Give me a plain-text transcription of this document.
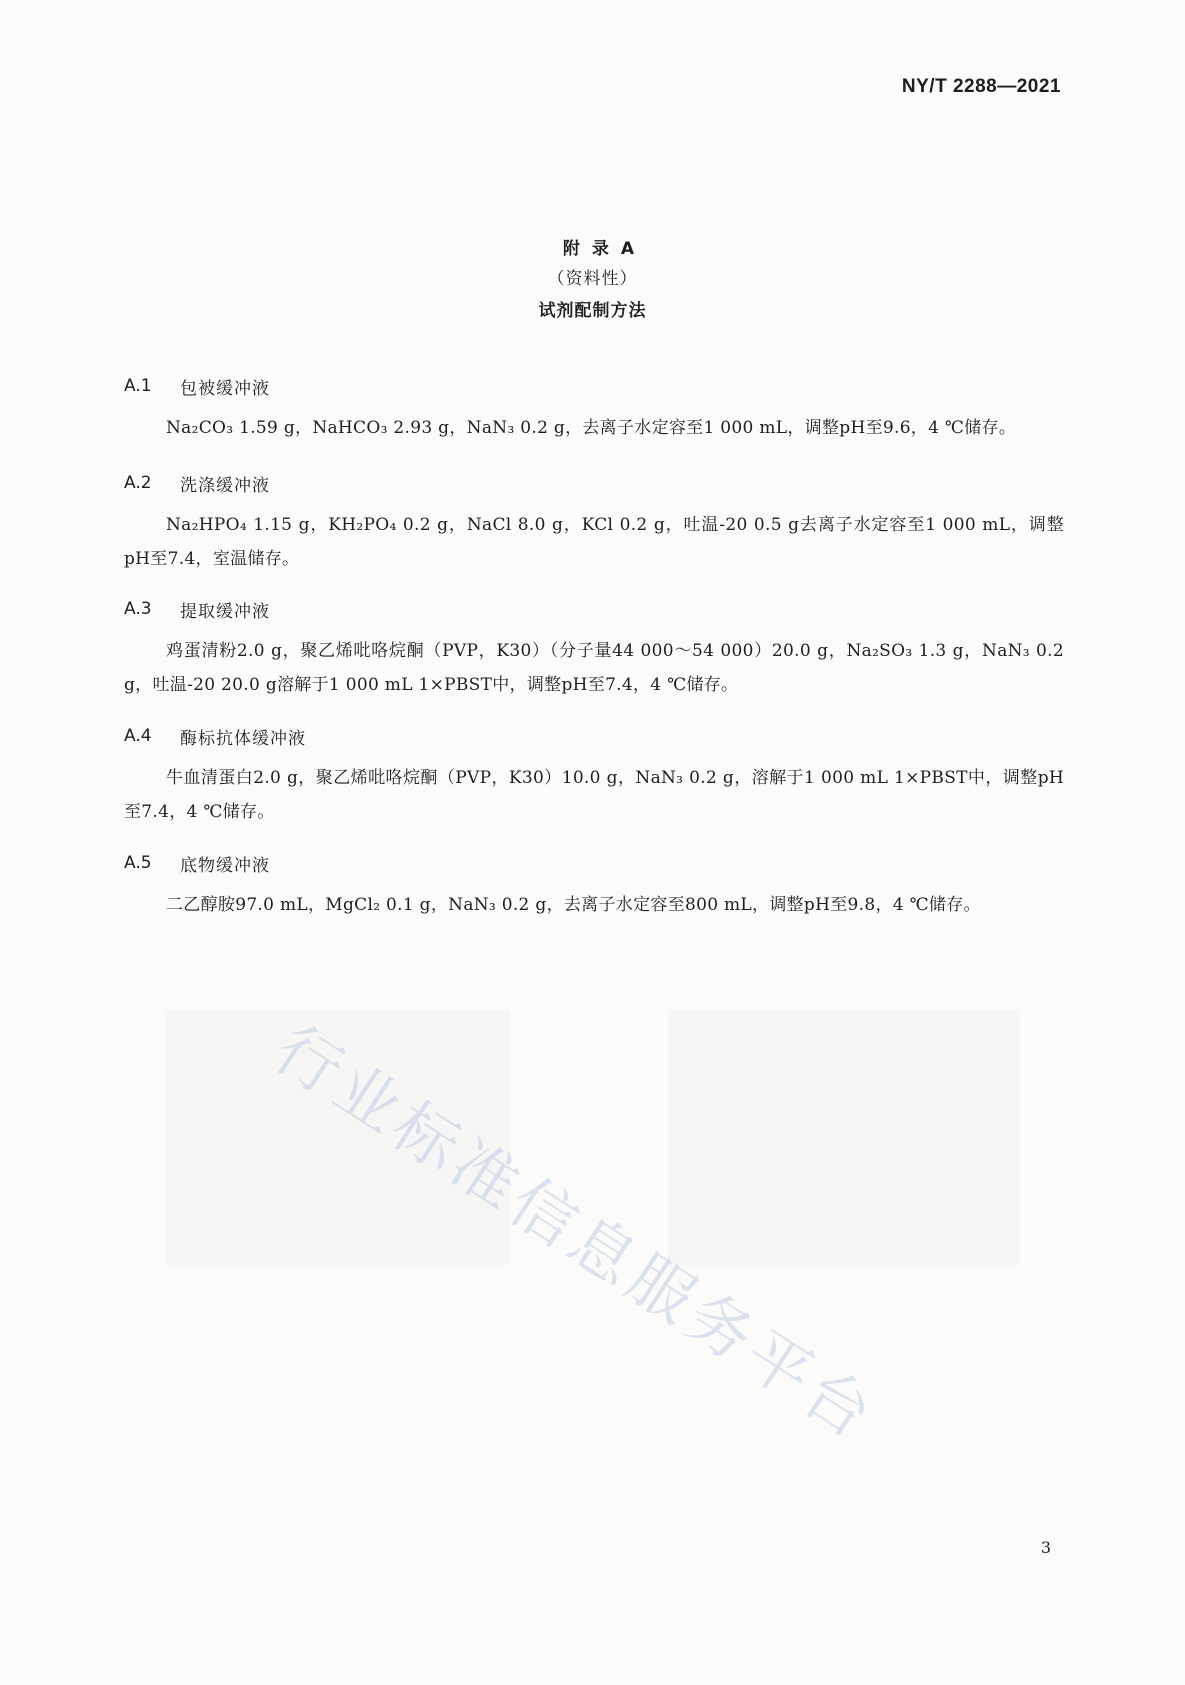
NY/T 2288—2021
附录A
（资料性）
试剂配制方法
A.1	包被缓冲液
Na₂CO₃ 1.59 g，NaHCO₃ 2.93 g，NaN₃ 0.2 g，去离子水定容至1 000 mL，调整pH至9.6，4 ℃储存。
A.2	洗涤缓冲液
Na₂HPO₄ 1.15 g，KH₂PO₄ 0.2 g，NaCl 8.0 g，KCl 0.2 g，吐温-20 0.5 g去离子水定容至1 000 mL，调整pH至7.4，室温储存。
A.3	提取缓冲液
鸡蛋清粉2.0 g，聚乙烯吡咯烷酮（PVP，K30）（分子量44 000～54 000）20.0 g，Na₂SO₃ 1.3 g，NaN₃ 0.2 g，吐温-20 20.0 g溶解于1 000 mL 1×PBST中，调整pH至7.4，4 ℃储存。
A.4	酶标抗体缓冲液
牛血清蛋白2.0 g，聚乙烯吡咯烷酮（PVP，K30）10.0 g，NaN₃ 0.2 g，溶解于1 000 mL 1×PBST中，调整pH至7.4，4 ℃储存。
A.5	底物缓冲液
二乙醇胺97.0 mL，MgCl₂ 0.1 g，NaN₃ 0.2 g，去离子水定容至800 mL，调整pH至9.8，4 ℃储存。
行业标准信息服务平台
3
